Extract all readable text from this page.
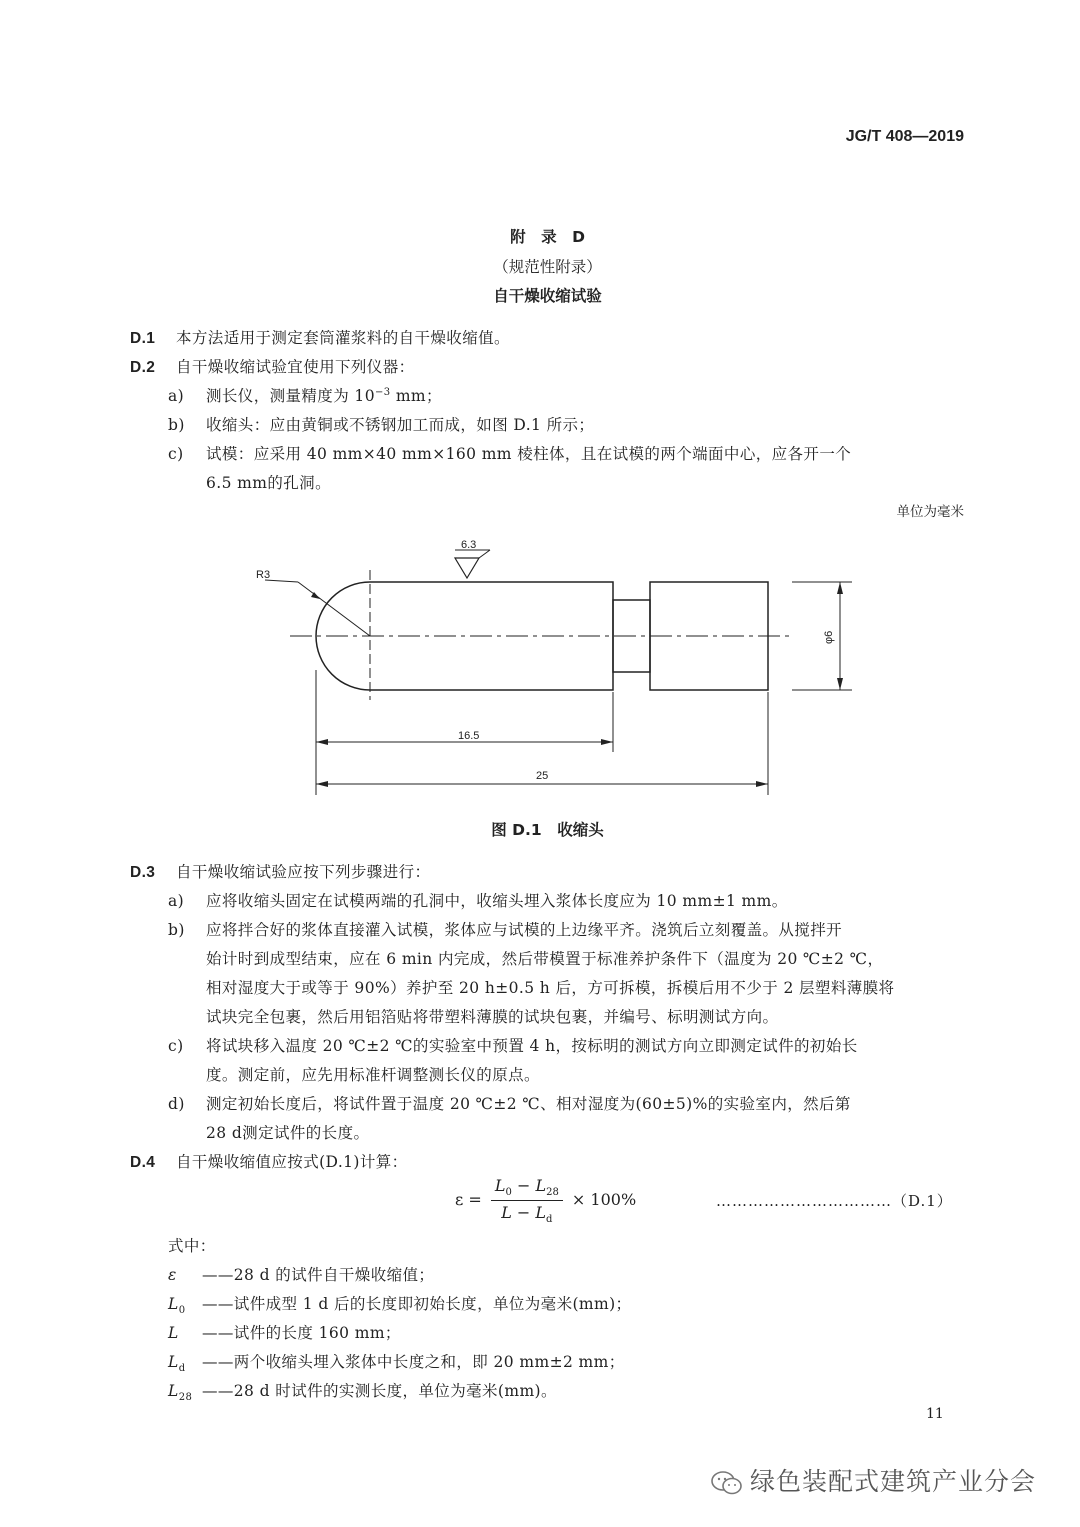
JG/T 408—2019
附　录　D
（规范性附录）
自干燥收缩试验
D.1 本方法适用于测定套筒灌浆料的自干燥收缩值。
D.2 自干燥收缩试验宜使用下列仪器：
a) 测长仪，测量精度为 $10^{-3}$ mm；
b) 收缩头：应由黄铜或不锈钢加工而成，如图 D.1 所示；
c) 试模：应采用 40 mm×40 mm×160 mm 棱柱体，且在试模的两个端面中心，应各开一个
6.5 mm的孔洞。
单位为毫米
R3
6.3
φ6
16.5
25
图 D.1　收缩头
D.3 自干燥收缩试验应按下列步骤进行：
a) 应将收缩头固定在试模两端的孔洞中，收缩头埋入浆体长度应为 10 mm±1 mm。
b) 应将拌合好的浆体直接灌入试模，浆体应与试模的上边缘平齐。浇筑后立刻覆盖。从搅拌开
始计时到成型结束，应在 6 min 内完成，然后带模置于标准养护条件下（温度为 20 ℃±2 ℃，
相对湿度大于或等于 90%）养护至 20 h±0.5 h 后，方可拆模，拆模后用不少于 2 层塑料薄膜将
试块完全包裹，然后用铝箔贴将带塑料薄膜的试块包裹，并编号、标明测试方向。
c) 将试块移入温度 20 ℃±2 ℃的实验室中预置 4 h，按标明的测试方向立即测定试件的初始长
度。测定前，应先用标准杆调整测长仪的原点。
d) 测定初始长度后，将试件置于温度 20 ℃±2 ℃、相对湿度为(60±5)%的实验室内，然后第
28 d测定试件的长度。
D.4 自干燥收缩值应按式(D.1)计算：
$\varepsilon = \frac{L_0 - L_{28}}{L - L_d} \times 100\%$	……………………………（D.1）
式中：
ε ——28 d 的试件自干燥收缩值；
$L_0$ ——试件成型 1 d 后的长度即初始长度，单位为毫米(mm)；
L ——试件的长度 160 mm；
$L_d$ ——两个收缩头埋入浆体中长度之和，即 20 mm±2 mm；
$L_{28}$ ——28 d 时试件的实测长度，单位为毫米(mm)。
11
绿色装配式建筑产业分会
